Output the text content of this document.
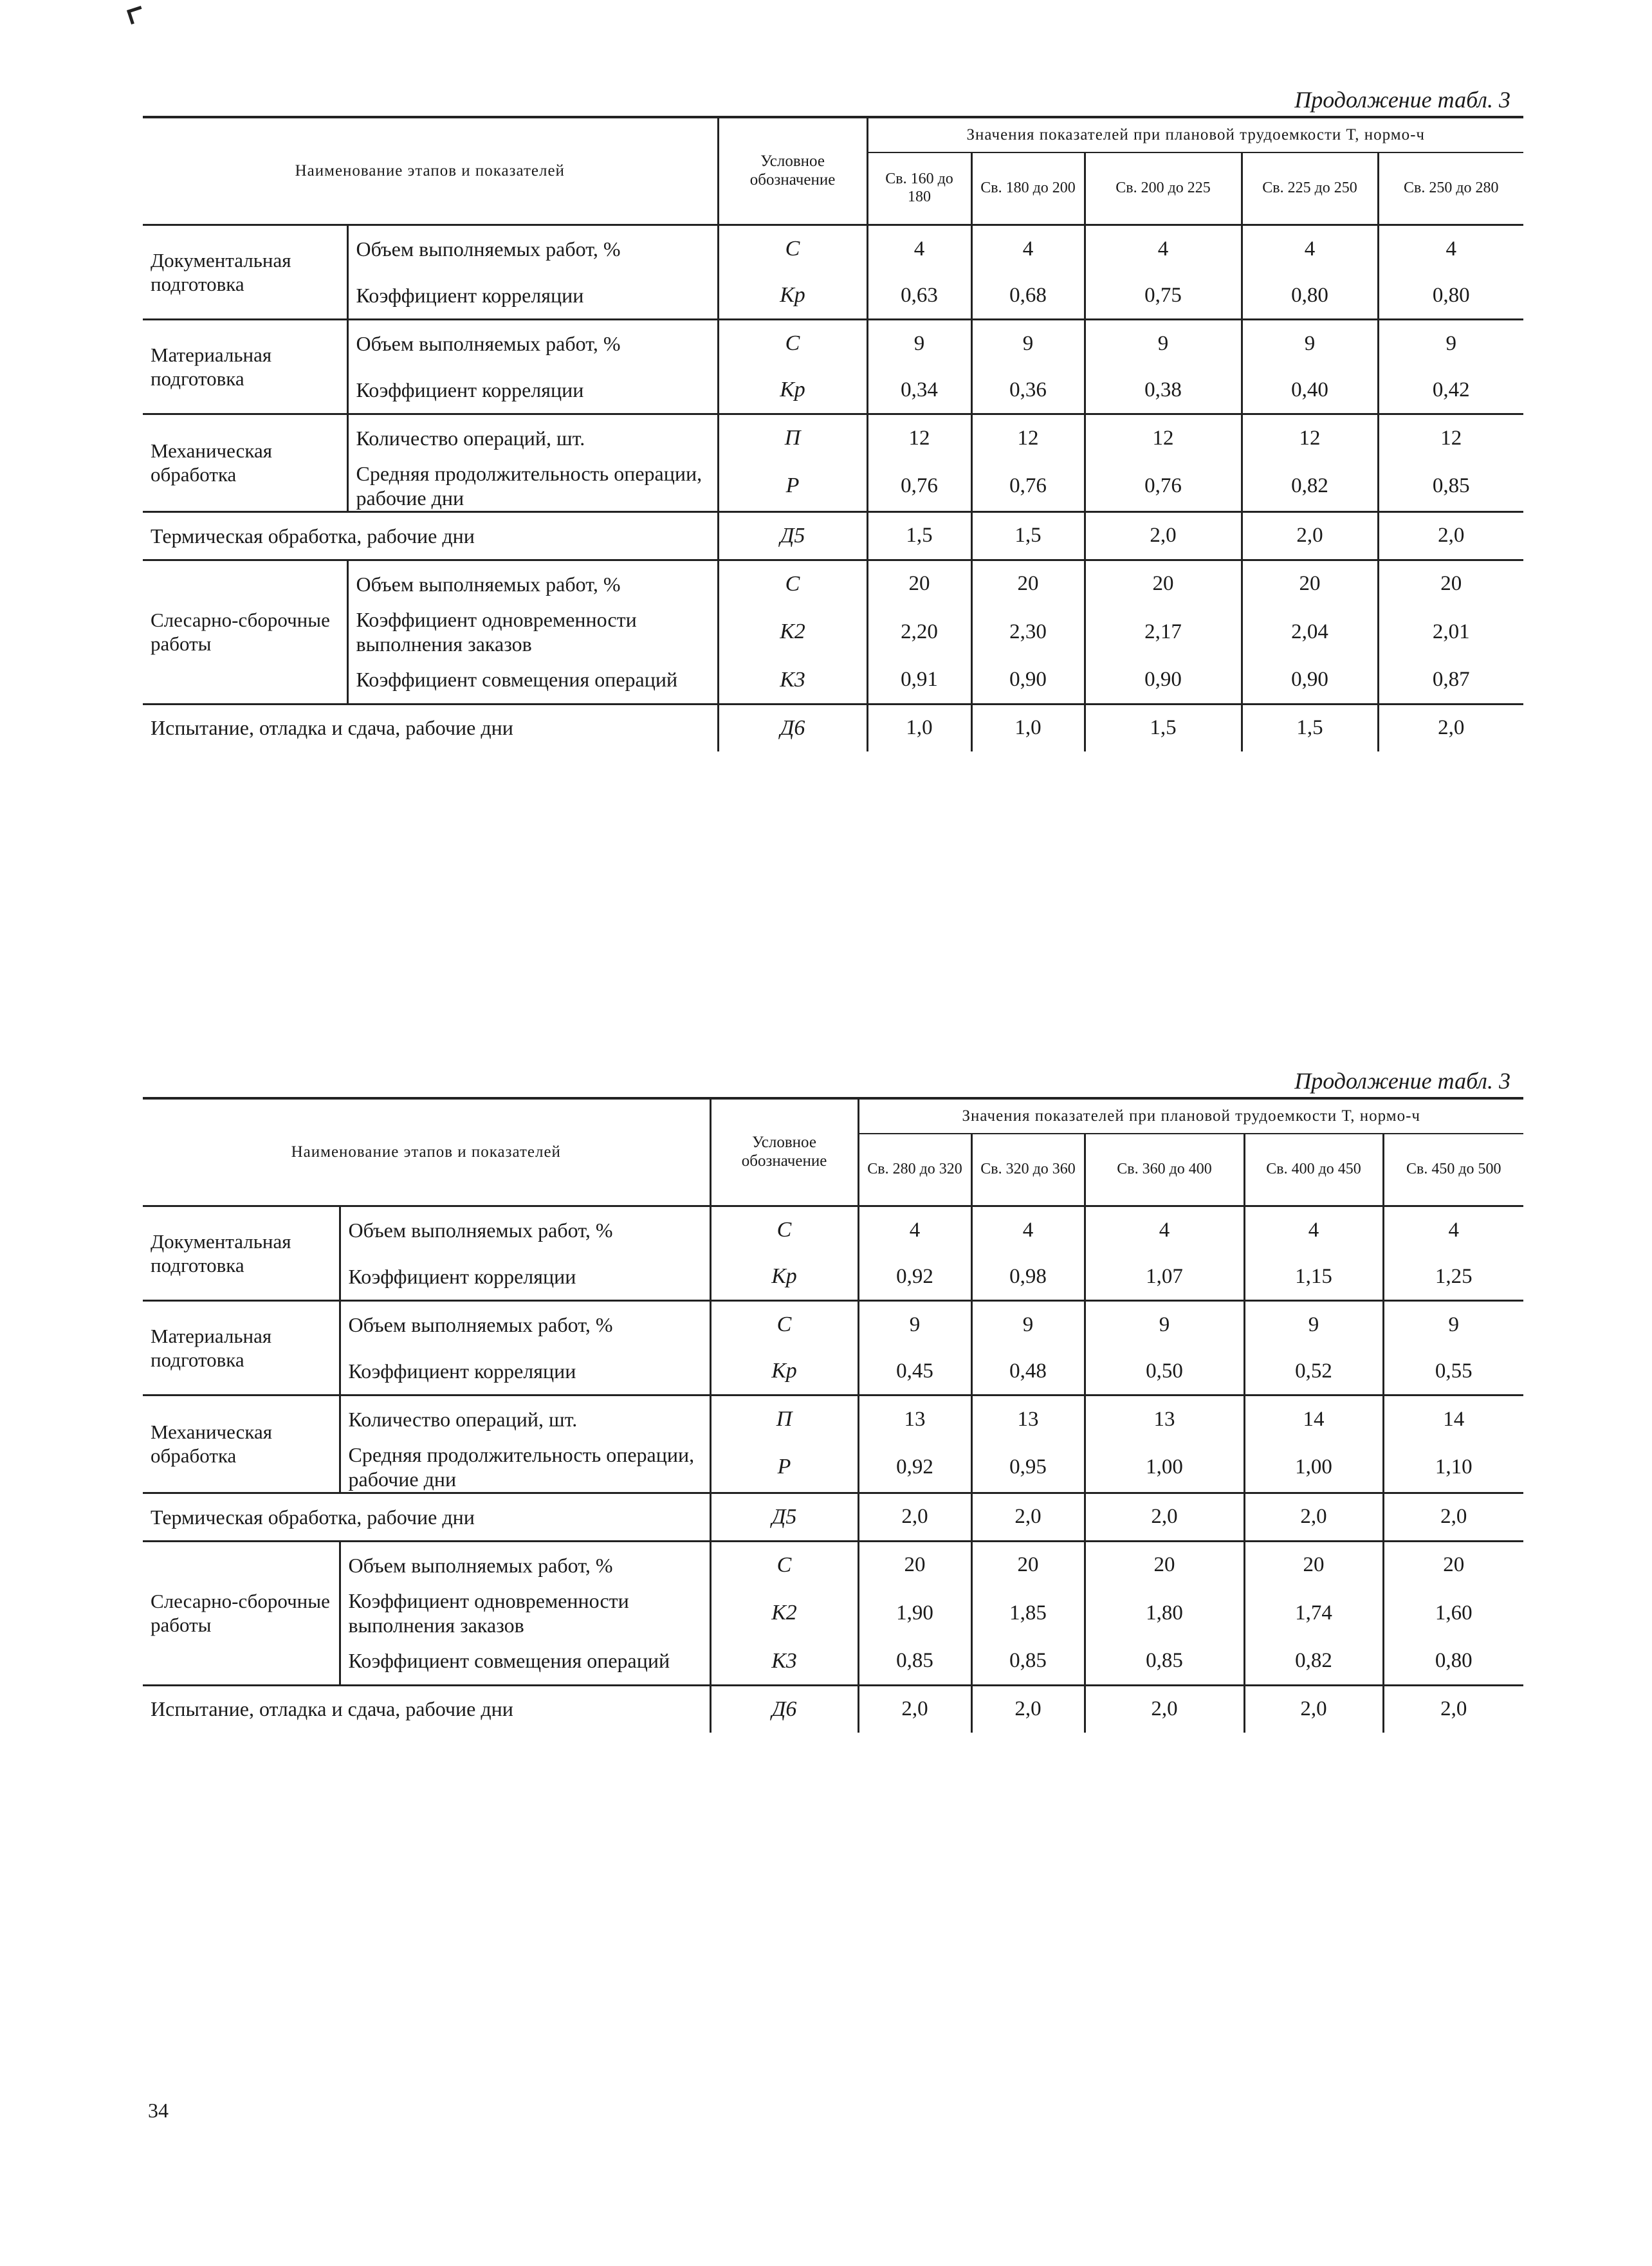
Продолжение табл. 3
Наименование этапов и показателей		Условное обозначение	Значения показателей при плановой трудоемкости Т, нормо-ч				
			Св. 160 до 180	Св. 180 до 200	Св. 200 до 225	Св. 225 до 250	Св. 250 до 280
Документальная подготовка	Объем выполняемых работ, %	С	4	4	4	4	4
	Коэффициент корреляции	Кр	0,63	0,68	0,75	0,80	0,80
Материальная подготовка	Объем выполняемых работ, %	С	9	9	9	9	9
	Коэффициент корреляции	Кр	0,34	0,36	0,38	0,40	0,42
Механическая обработка	Количество операций, шт.	П	12	12	12	12	12
	Средняя продолжительность операции, рабочие дни	Р	0,76	0,76	0,76	0,82	0,85
Термическая обработка, рабочие дни		Д5	1,5	1,5	2,0	2,0	2,0
Слесарно-сборочные работы	Объем выполняемых работ, %	С	20	20	20	20	20
	Коэффициент одновременности выполнения заказов	К2	2,20	2,30	2,17	2,04	2,01
	Коэффициент совмещения операций	К3	0,91	0,90	0,90	0,90	0,87
Испытание, отладка и сдача, рабочие дни		Д6	1,0	1,0	1,5	1,5	2,0
Продолжение табл. 3
Наименование этапов и показателей		Условное обозначение	Значения показателей при плановой трудоемкости Т, нормо-ч				
			Св. 280 до 320	Св. 320 до 360	Св. 360 до 400	Св. 400 до 450	Св. 450 до 500
Документальная подготовка	Объем выполняемых работ, %	С	4	4	4	4	4
	Коэффициент корреляции	Кр	0,92	0,98	1,07	1,15	1,25
Материальная подготовка	Объем выполняемых работ, %	С	9	9	9	9	9
	Коэффициент корреляции	Кр	0,45	0,48	0,50	0,52	0,55
Механическая обработка	Количество операций, шт.	П	13	13	13	14	14
	Средняя продолжительность операции, рабочие дни	Р	0,92	0,95	1,00	1,00	1,10
Термическая обработка, рабочие дни		Д5	2,0	2,0	2,0	2,0	2,0
Слесарно-сборочные работы	Объем выполняемых работ, %	С	20	20	20	20	20
	Коэффициент одновременности выполнения заказов	К2	1,90	1,85	1,80	1,74	1,60
	Коэффициент совмещения операций	К3	0,85	0,85	0,85	0,82	0,80
Испытание, отладка и сдача, рабочие дни		Д6	2,0	2,0	2,0	2,0	2,0
34
